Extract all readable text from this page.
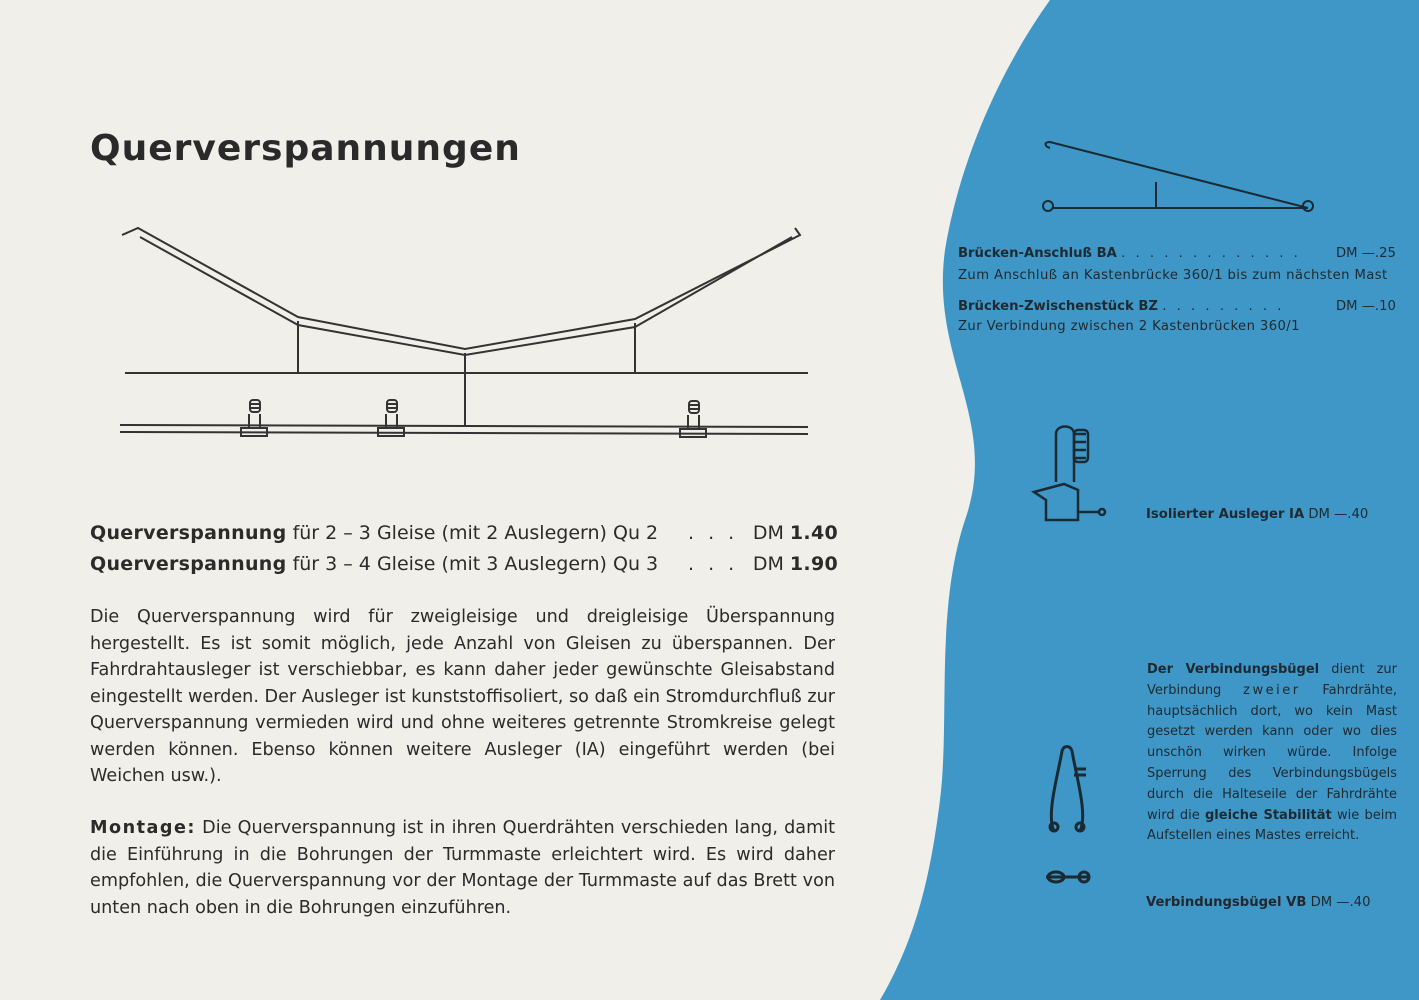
Querverspannungen
Querverspannung für 2 – 3 Gleise (mit 2 Auslegern) Qu 2 . . . DM 1.40
Querverspannung für 3 – 4 Gleise (mit 3 Auslegern) Qu 3 . . . DM 1.90

Die Querverspannung wird für zweigleisige und dreigleisige Überspannung hergestellt. Es ist somit möglich, jede Anzahl von Gleisen zu überspannen. Der Fahrdrahtausleger ist verschiebbar, es kann daher jeder gewünschte Gleisabstand eingestellt werden. Der Ausleger ist kunststoffisoliert, so daß ein Stromdurchfluß zur Querverspannung vermieden wird und ohne weiteres getrennte Stromkreise gelegt werden können. Ebenso können weitere Ausleger (IA) eingeführt werden (bei Weichen usw.).

Montage: Die Querverspannung ist in ihren Querdrähten verschieden lang, damit die Einführung in die Bohrungen der Turmmaste erleichtert wird. Es wird daher empfohlen, die Querverspannung vor der Montage der Turmmaste auf das Brett von unten nach oben in die Bohrungen einzuführen.

Brücken-Anschluß BA . . . . . . . . . . . . .	DM —.25
Zum Anschluß an Kastenbrücke 360/1 bis zum nächsten Mast
Brücken-Zwischenstück BZ . . . . . . . . .	DM —.10
Zur Verbindung zwischen 2 Kastenbrücken 360/1
Isolierter Ausleger IA DM —.40

Der Verbindungsbügel dient zur Verbindung zweier Fahrdrähte, hauptsächlich dort, wo kein Mast gesetzt werden kann oder wo dies unschön wirken würde. Infolge Sperrung des Verbindungsbügels durch die Halteseile der Fahrdrähte wird die gleiche Stabilität wie beim Aufstellen eines Mastes erreicht.

Verbindungsbügel VB DM —.40
